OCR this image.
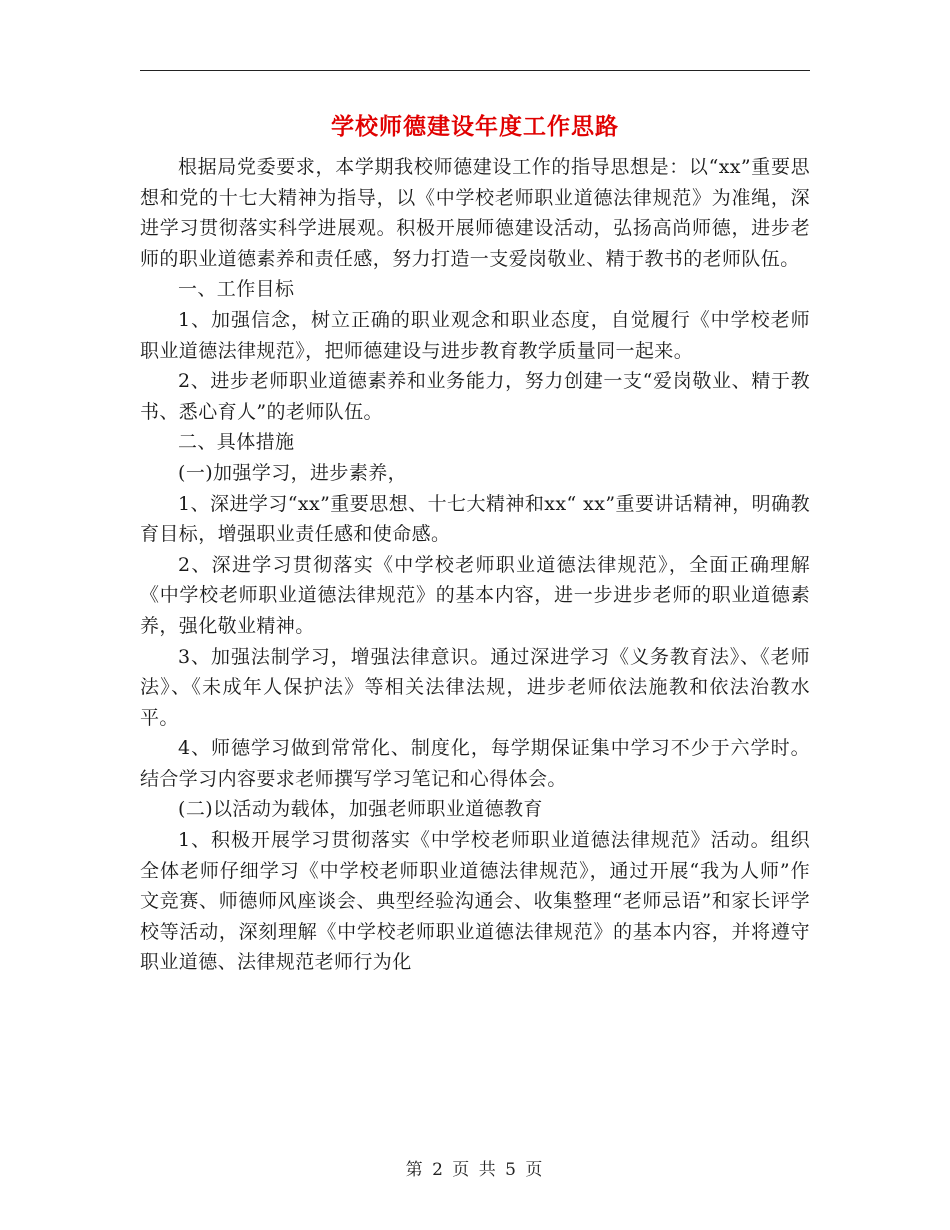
学校师德建设年度工作思路

根据局党委要求，本学期我校师德建设工作的指导思想是：以“xx”重要思想和党的十七大精神为指导，以《中学校老师职业道德法律规范》为准绳，深进学习贯彻落实科学进展观。积极开展师德建设活动，弘扬高尚师德，进步老师的职业道德素养和责任感，努力打造一支爱岗敬业、精于教书的老师队伍。

一、工作目标

1、加强信念，树立正确的职业观念和职业态度，自觉履行《中学校老师职业道德法律规范》，把师德建设与进步教育教学质量同一起来。

2、进步老师职业道德素养和业务能力，努力创建一支“爱岗敬业、精于教书、悉心育人”的老师队伍。

二、具体措施

(一)加强学习，进步素养，

1、深进学习“xx”重要思想、十七大精神和xx“ xx”重要讲话精神，明确教育目标，增强职业责任感和使命感。

2、深进学习贯彻落实《中学校老师职业道德法律规范》，全面正确理解《中学校老师职业道德法律规范》的基本内容，进一步进步老师的职业道德素养，强化敬业精神。

3、加强法制学习，增强法律意识。通过深进学习《义务教育法》、《老师法》、《未成年人保护法》等相关法律法规，进步老师依法施教和依法治教水平。

4、师德学习做到常常化、制度化，每学期保证集中学习不少于六学时。结合学习内容要求老师撰写学习笔记和心得体会。

(二)以活动为载体，加强老师职业道德教育

1、积极开展学习贯彻落实《中学校老师职业道德法律规范》活动。组织全体老师仔细学习《中学校老师职业道德法律规范》，通过开展“我为人师”作文竞赛、师德师风座谈会、典型经验沟通会、收集整理“老师忌语”和家长评学校等活动，深刻理解《中学校老师职业道德法律规范》的基本内容，并将遵守职业道德、法律规范老师行为化

第 2 页 共 5 页
